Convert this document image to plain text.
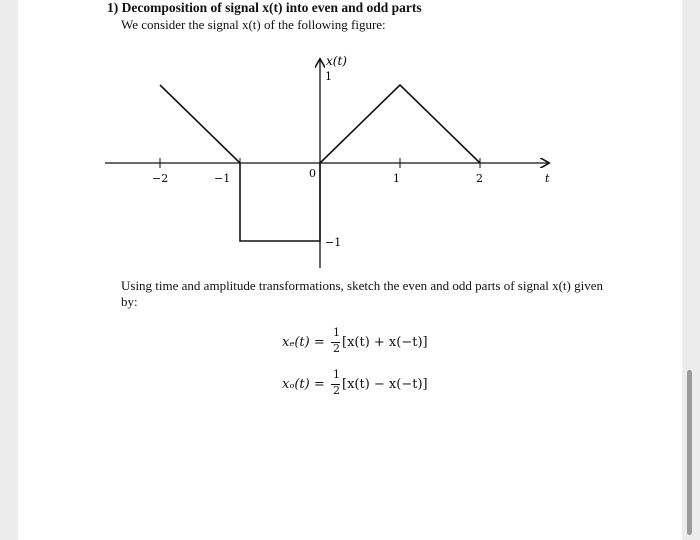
1) Decomposition of signal x(t) into even and odd parts
We consider the signal x(t) of the following figure:
x(t)
1
−1
t
−2	−1	0	1	2
Using time and amplitude transformations, sketch the even and odd parts of signal x(t) given
by:
xₑ(t) =
1
2 [x(t) + x(−t)]
xₒ(t) =
1
2 [x(t) − x(−t)]
